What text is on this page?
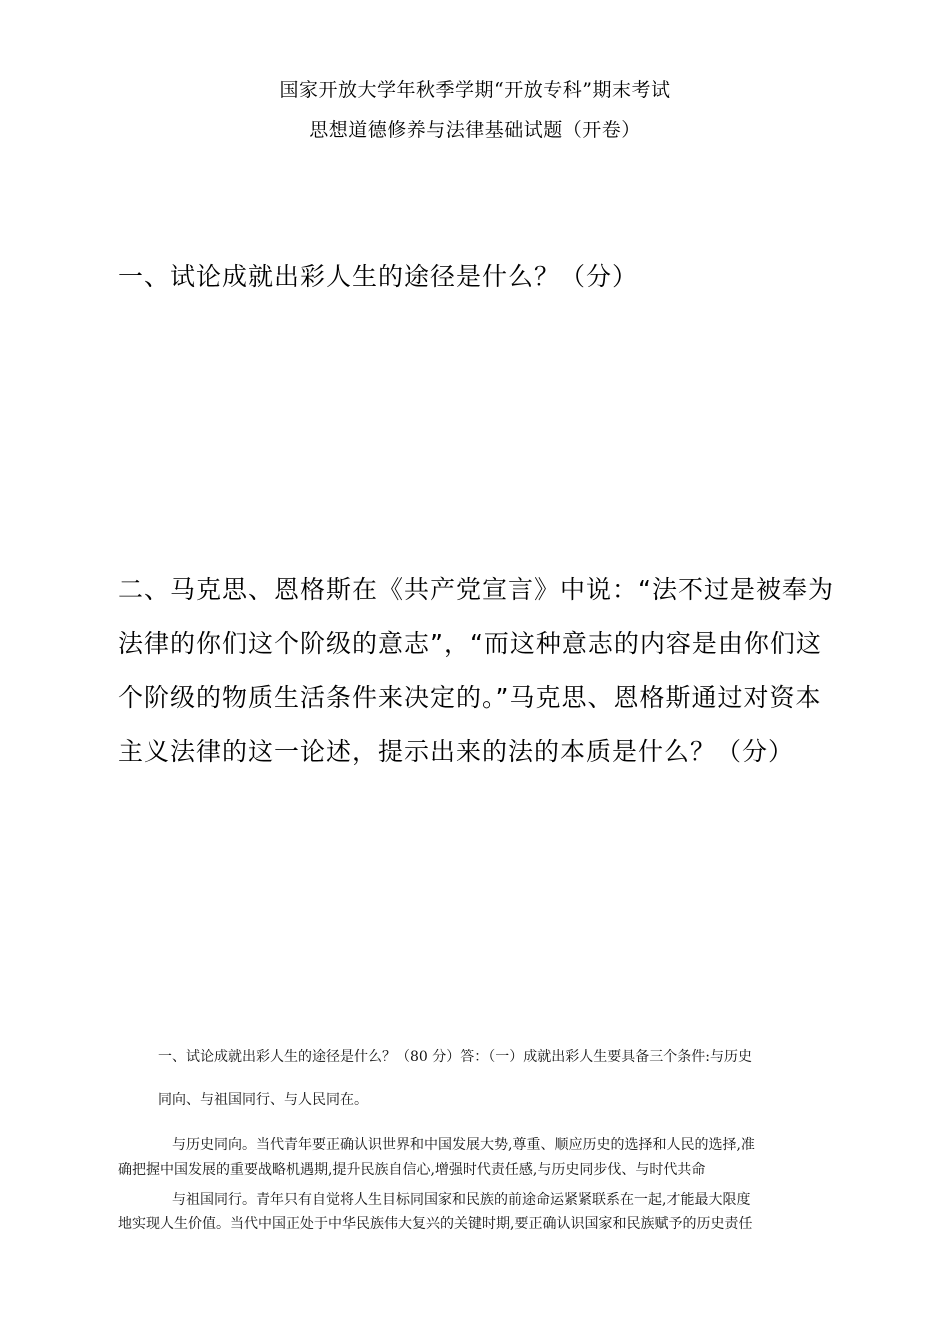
国家开放大学年秋季学期“开放专科”期末考试
思想道德修养与法律基础试题（开卷）
一、试论成就出彩人生的途径是什么？（分）
二、马克思、恩格斯在《共产党宣言》中说：“法不过是被奉为法律的你们这个阶级的意志”，“而这种意志的内容是由你们这个阶级的物质生活条件来决定的。”马克思、恩格斯通过对资本主义法律的这一论述，提示出来的法的本质是什么？（分）
一、试论成就出彩人生的途径是什么？（80 分）答：（一）成就出彩人生要具备三个条件:与历史
同向、与祖国同行、与人民同在。
与历史同向。当代青年要正确认识世界和中国发展大势,尊重、顺应历史的选择和人民的选择,准
确把握中国发展的重要战略机遇期,提升民族自信心,增强时代责任感,与历史同步伐、与时代共命
与祖国同行。青年只有自觉将人生目标同国家和民族的前途命运紧紧联系在一起,才能最大限度
地实现人生价值。当代中国正处于中华民族伟大复兴的关键时期,要正确认识国家和民族赋予的历史责任
